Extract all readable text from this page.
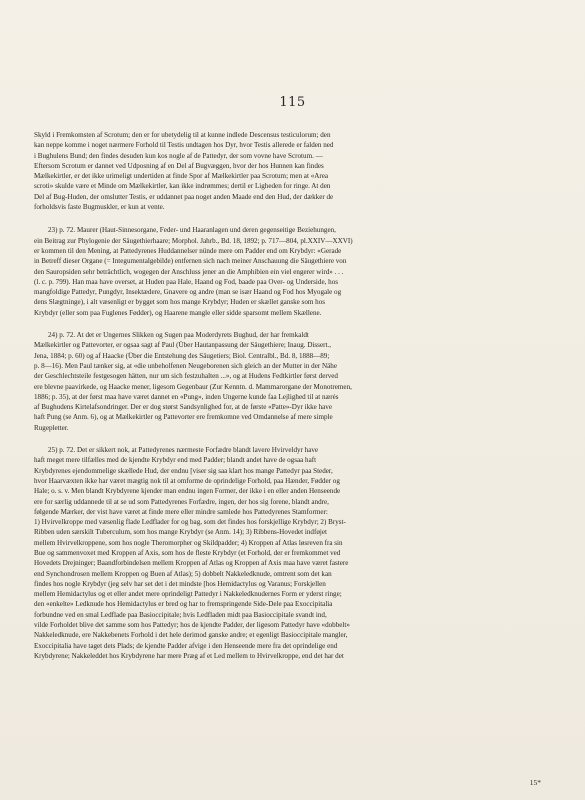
115
Skyld i Fremkomsten af Scrotum; den er for ubetydelig til at kunne indlede Descensus testiculorum; den
kan neppe komme i noget nærmere Forhold til Testis undtagen hos Dyr, hvor Testis allerede er falden ned
i Bughulens Bund; den findes desuden kun kos nogle af de Pattedyr, der som vovne have Scrotum. —
Eftersom Scrotum er dannet ved Udposning af en Del af Bugvæggen, hvor der hos Hunnen kan findes
Mælkekirtler, er det ikke urimeligt undertiden at finde Spor af Mælkekirtler paa Scrotum; men at «Area
scroti» skulde være et Minde om Mælkekirtler, kan ikke indrømmes; dertil er Ligheden for ringe. At den
Del af Bug-Huden, der omslutter Testis, er uddannet paa noget anden Maade end den Hud, der dækker de
forholdsvis faste Bugmuskler, er kun at vente.
23) p. 72. Maurer (Haut-Sinnesorgane, Feder- und Haaranlagen und deren gegenseitige Beziehungen,
ein Beitrag zur Phylogenie der Säugethierhaare; Morphol. Jahrb., Bd. 18, 1892; p. 717—804, pl.XXIV—XXVI)
er kommen til den Mening, at Pattedyrenes Huddannelser nünde mere om Padder end om Krybdyr: «Gerade
in Betreff dieser Organe (= Integumentalgebilde) entfernen sich nach meiner Anschauung die Säugethiere von
den Sauropsiden sehr beträchtlich, wogegen der Anschluss jener an die Amphibien ein viel engerer wird» . . .
(l. c. p. 799). Han maa have overset, at Huden paa Hale, Haand og Fod, baade paa Over- og Underside, hos
mangfoldige Pattedyr, Pungdyr, Insektædere, Gnavere og andre (man se især Haand og Fod hos Myogale og
dens Slægtninge), i alt væsenligt er bygget som hos mange Krybdyr; Huden er skællet ganske som hos
Krybdyr (eller som paa Fuglenes Fødder), og Haarene mangle eller sidde sparsomt mellem Skællene.
24) p. 72. At det er Ungernes Slikken og Sugen paa Moderdyrets Bughud, der har fremkaldt
Mælkekirtler og Pattevorter, er ogsaa sagt af Paul (Über Hautanpassung der Säugethiere; Inaug. Dissert.,
Jena, 1884; p. 60) og af Haacke (Über die Entstehung des Säugetiers; Biol. Centralbl., Bd. 8, 1888—89;
p. 8—16). Men Paul tænker sig, at «die unbeholfenen Neugeborenen sich gleich an der Mutter in der Nähe
der Geschlechtsteile festgesogen hätten, nur um sich festzuhalten ...», og at Hudens Fedtkirtler først derved
ere blevne paavirkede, og Haacke mener, ligesom Gegenbaur (Zur Kenntn. d. Mammarorgane der Monotremen,
1886; p. 35), at der først maa have været dannet en «Pung», inden Ungerne kunde faa Lejlighed til at nærės
af Bughudens Kirtelafsondringer. Der er dog størst Sandsynlighed for, at de første «Patte»-Dyr ikke have
haft Pung (se Anm. 6), og at Mælkekirtler og Pattevorter ere fremkomne ved Omdannelse af mere simple
Rugepletter.
25) p. 72. Det er sikkert nok, at Pattedyrenes nærmeste Forfædre blandt lavere Hvirveldyr have
haft meget mere tilfælles med de kjendte Krybdyr end med Padder; blandt andet have de ogsaa haft
Krybdyrenes ejendommelige skællede Hud, der endnu [viser sig saa klart hos mange Pattedyr paa Steder,
hvor Haarvæxten ikke har været mægtig nok til at omforme de oprindelige Forhold, paa Hænder, Fødder og
Hale; o. s. v. Men blandt Krybdyrene kjender man endnu ingen Former, der ikke i en eller anden Henseende
ere for særlig uddannede til at se ud som Pattedyrenes Forfædre, ingen, der hos sig forene, blandt andre,
følgende Mærker, der vist have været at finde mere eller mindre samlede hos Pattedyrenes Stamformer:
1) Hvirvelkroppe med væsenlig flade Ledflader for og bag, som det findes hos forskjellige Krybdyr; 2) Bryst-
Ribben uden særskilt Tuberculum, som hos mange Krybdyr (se Anm. 14); 3) Ribbens-Hovedet indføjet
mellem Hvirvelkroppene, som hos nogle Theromorpher og Skildpadder; 4) Kroppen af Atlas løsreven fra sin
Bue og sammenvoxet med Kroppen af Axis, som hos de fleste Krybdyr (et Forhold, der er fremkommet ved
Hovedets Drejninger; Baandforbindelsen mellem Kroppen af Atlas og Kroppen af Axis maa have været fastere
end Synchondrosen mellem Kroppen og Buen af Atlas); 5) dobbelt Nakkeledknude, omtrent som det kan
findes hos nogle Krybdyr (jeg selv har set det i det mindste [hos Hemidactylus og Varanus; Forskjellen
mellem Hemidactylus og et eller andet mere oprindeligt Pattedyr i Nakkeledknudernes Form er yderst ringe;
den «enkelte» Ledknude hos Hemidactylus er bred og har to fremspringende Side-Dele paa Exoccipitalia
forbundne ved en smal Ledflade paa Basioccipitale; hvis Ledfladen midt paa Basioccipitale svandt ind,
vilde Forholdet blive det samme som hos Pattedyr; hos de kjendte Padder, der ligesom Pattedyr have «dobbelt»
Nakkeledknude, ere Nakkebenets Forhold i det hele derimod ganske andre; et egenligt Basioccipitale mangler,
Exoccipitalia have taget dets Plads; de kjendte Padder afvige i den Henseende mere fra det oprindelige end
Krybdyrene; Nakkeleddet hos Krybdyrene har mere Præg af et Led mellem to Hvirvelkroppe, end det har det
15*
